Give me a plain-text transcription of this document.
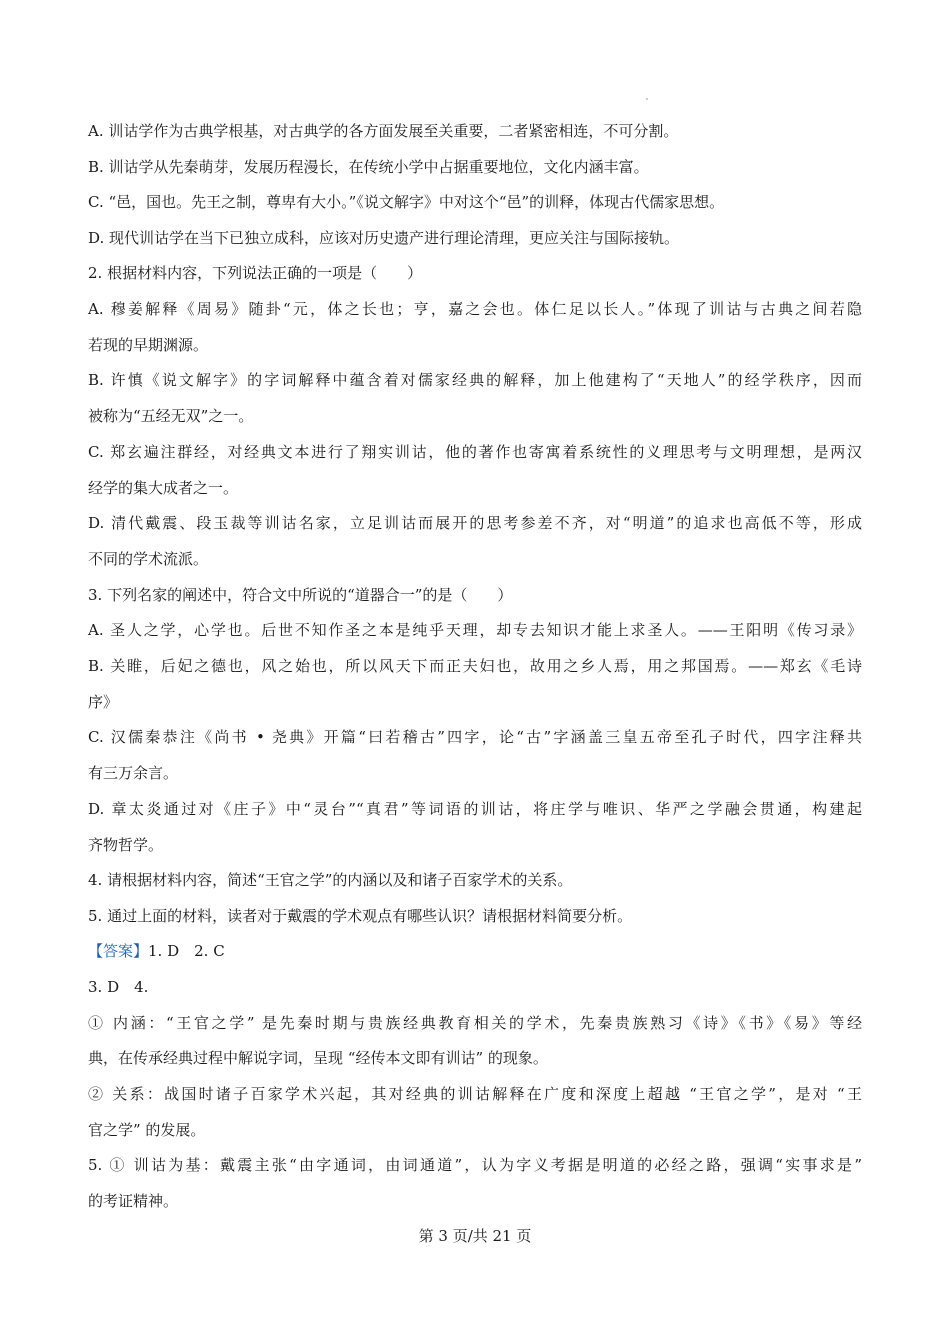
A. 训诂学作为古典学根基，对古典学的各方面发展至关重要，二者紧密相连，不可分割。
B. 训诂学从先秦萌芽，发展历程漫长，在传统小学中占据重要地位，文化内涵丰富。
C. “邑，国也。先王之制，尊卑有大小。”《说文解字》中对这个“邑”的训释，体现古代儒家思想。
D. 现代训诂学在当下已独立成科，应该对历史遗产进行理论清理，更应关注与国际接轨。
2. 根据材料内容，下列说法正确的一项是（　　）
A. 穆姜解释《周易》随卦“元，体之长也；亨，嘉之会也。体仁足以长人。”体现了训诂与古典之间若隐
若现的早期渊源。
B. 许慎《说文解字》的字词解释中蕴含着对儒家经典的解释，加上他建构了“天地人”的经学秩序，因而
被称为“五经无双”之一。
C. 郑玄遍注群经，对经典文本进行了翔实训诂，他的著作也寄寓着系统性的义理思考与文明理想，是两汉
经学的集大成者之一。
D. 清代戴震、段玉裁等训诂名家，立足训诂而展开的思考参差不齐，对“明道”的追求也高低不等，形成
不同的学术流派。
3. 下列名家的阐述中，符合文中所说的“道器合一”的是（　　）
A. 圣人之学，心学也。后世不知作圣之本是纯乎天理，却专去知识才能上求圣人。——王阳明《传习录》
B. 关睢，后妃之德也，风之始也，所以风天下而正夫妇也，故用之乡人焉，用之邦国焉。——郑玄《毛诗
序》
C. 汉儒秦恭注《尚书 • 尧典》开篇“曰若稽古”四字，论“古”字涵盖三皇五帝至孔子时代，四字注释共
有三万余言。
D. 章太炎通过对《庄子》中“灵台”“真君”等词语的训诂，将庄学与唯识、华严之学融会贯通，构建起
齐物哲学。
4. 请根据材料内容，简述“王官之学”的内涵以及和诸子百家学术的关系。
5. 通过上面的材料，读者对于戴震的学术观点有哪些认识？请根据材料简要分析。
【答案】1. D　2. C
3. D　4.
① 内涵：“王官之学” 是先秦时期与贵族经典教育相关的学术，先秦贵族熟习《诗》《书》《易》等经
典，在传承经典过程中解说字词，呈现 “经传本文即有训诂” 的现象。
② 关系：战国时诸子百家学术兴起，其对经典的训诂解释在广度和深度上超越 “王官之学”，是对 “王
官之学” 的发展。
5. ① 训诂为基：戴震主张“由字通词，由词通道”，认为字义考据是明道的必经之路，强调“实事求是”
的考证精神。
第 3 页/共 21 页
